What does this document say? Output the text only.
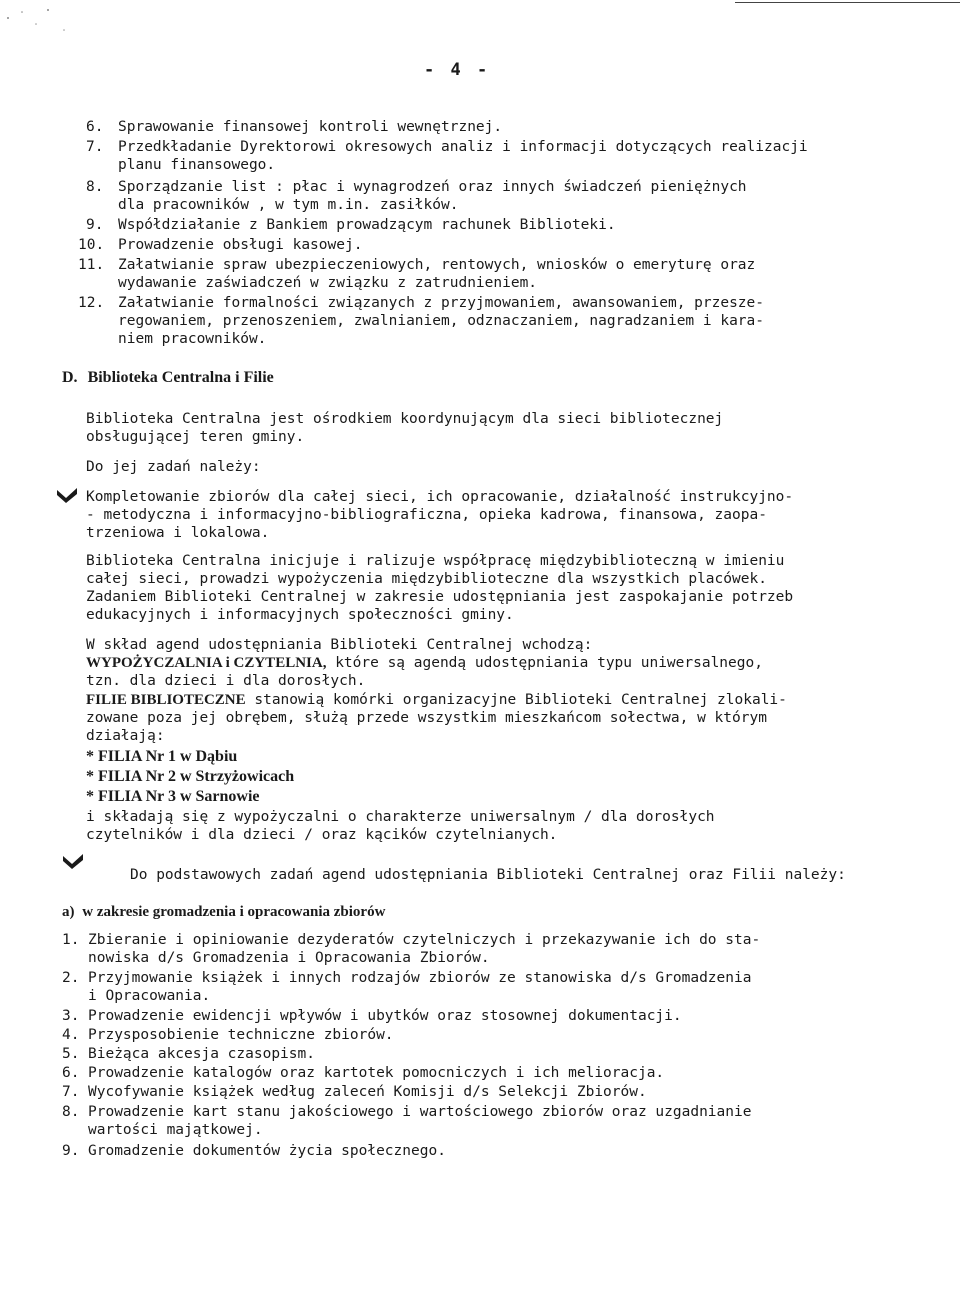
- 4 -
6. Sprawowanie finansowej kontroli wewnętrznej.
7. Przedkładanie Dyrektorowi okresowych analiz i informacji dotyczących realizacji
planu finansowego.
8. Sporządzanie list : płac i wynagrodzeń oraz innych świadczeń pieniężnych
dla pracowników , w tym m.in. zasiłków.
9. Współdziałanie z Bankiem prowadzącym rachunek Biblioteki.
10. Prowadzenie obsługi kasowej.
11. Załatwianie spraw ubezpieczeniowych, rentowych, wniosków o emeryturę oraz
wydawanie zaświadczeń w związku z zatrudnieniem.
12. Załatwianie formalności związanych z przyjmowaniem, awansowaniem, przesze-
regowaniem, przenoszeniem, zwalnianiem, odznaczaniem, nagradzaniem i kara-
niem pracowników.
D. Biblioteka Centralna i Filie
Biblioteka Centralna jest ośrodkiem koordynującym dla sieci bibliotecznej
obsługującej teren gminy.
Do jej zadań należy:
Kompletowanie zbiorów dla całej sieci, ich opracowanie, działalność instrukcyjno-
- metodyczna i informacyjno-bibliograficzna, opieka kadrowa, finansowa, zaopa-
trzeniowa i lokalowa.
Biblioteka Centralna inicjuje i ralizuje współpracę międzybiblioteczną w imieniu
całej sieci, prowadzi wypożyczenia międzybiblioteczne dla wszystkich placówek.
Zadaniem Biblioteki Centralnej w zakresie udostępniania jest zaspokajanie potrzeb
edukacyjnych i informacyjnych społeczności gminy.
W skład agend udostępniania Biblioteki Centralnej wchodzą:
WYPOŻYCZALNIA i CZYTELNIA, które są agendą udostępniania typu uniwersalnego,
tzn. dla dzieci i dla dorosłych.
FILIE BIBLIOTECZNE stanowią komórki organizacyjne Biblioteki Centralnej zlokali-
zowane poza jej obrębem, służą przede wszystkim mieszkańcom sołectwa, w którym
działają:
* FILIA Nr 1 w Dąbiu
* FILIA Nr 2 w Strzyżowicach
* FILIA Nr 3 w Sarnowie
i składają się z wypożyczalni o charakterze uniwersalnym / dla dorosłych
czytelników i dla dzieci / oraz kącików czytelnianych.
Do podstawowych zadań agend udostępniania Biblioteki Centralnej oraz Filii należy:
a) w zakresie gromadzenia i opracowania zbiorów
1. Zbieranie i opiniowanie dezyderatów czytelniczych i przekazywanie ich do sta-
nowiska d/s Gromadzenia i Opracowania Zbiorów.
2. Przyjmowanie książek i innych rodzajów zbiorów ze stanowiska d/s Gromadzenia
i Opracowania.
3. Prowadzenie ewidencji wpływów i ubytków oraz stosownej dokumentacji.
4. Przysposobienie techniczne zbiorów.
5. Bieżąca akcesja czasopism.
6. Prowadzenie katalogów oraz kartotek pomocniczych i ich melioracja.
7. Wycofywanie książek według zaleceń Komisji d/s Selekcji Zbiorów.
8. Prowadzenie kart stanu jakościowego i wartościowego zbiorów oraz uzgadnianie
wartości majątkowej.
9. Gromadzenie dokumentów życia społecznego.
